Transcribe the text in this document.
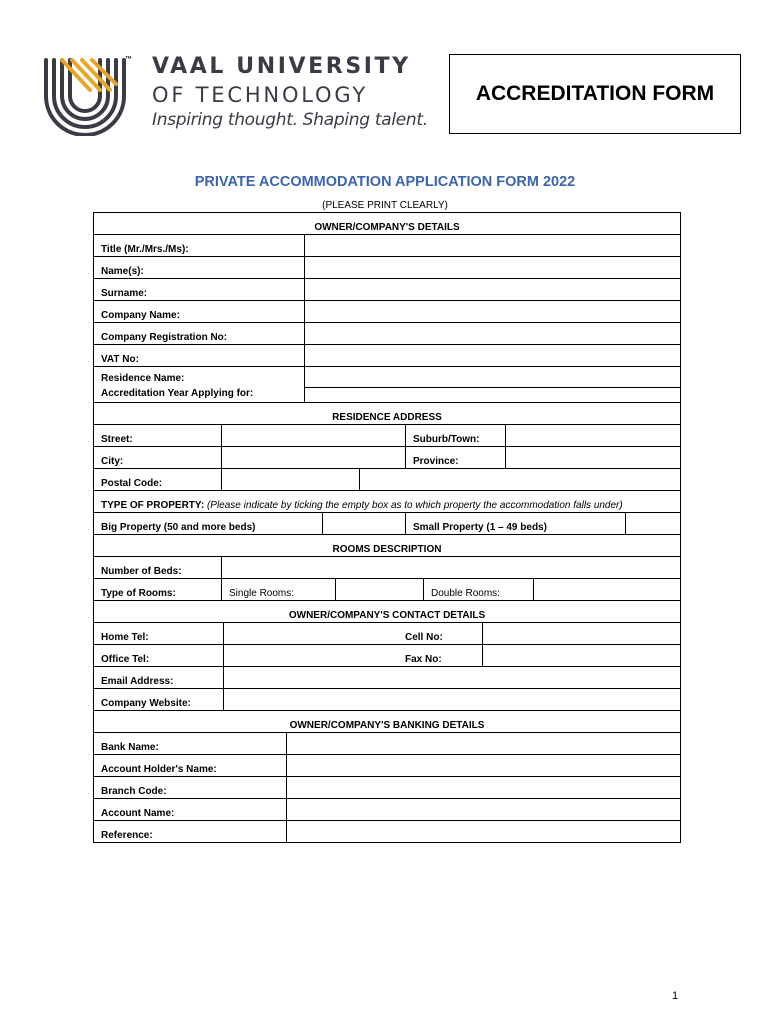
™ VAAL UNIVERSITY
OF TECHNOLOGY
Inspiring thought. Shaping talent.
ACCREDITATION FORM
PRIVATE ACCOMMODATION APPLICATION FORM 2022
(PLEASE PRINT CLEARLY)
OWNER/COMPANY'S DETAILS
Title (Mr./Mrs./Ms):
Name(s):
Surname:
Company Name:
Company Registration No:
VAT No:
Residence Name:
Accreditation Year Applying for:
RESIDENCE ADDRESS
Street:	Suburb/Town:
City:	Province:
Postal Code:
TYPE OF PROPERTY: (Please indicate by ticking the empty box as to which property the accommodation falls under)
Big Property (50 and more beds)	Small Property (1 – 49 beds)
ROOMS DESCRIPTION
Number of Beds:
Type of Rooms:	Single Rooms:	Double Rooms:
OWNER/COMPANY'S CONTACT DETAILS
Home Tel:	Cell No:
Office Tel:	Fax No:
Email Address:
Company Website:
OWNER/COMPANY'S BANKING DETAILS
Bank Name:
Account Holder's Name:
Branch Code:
Account Name:
Reference:
1
